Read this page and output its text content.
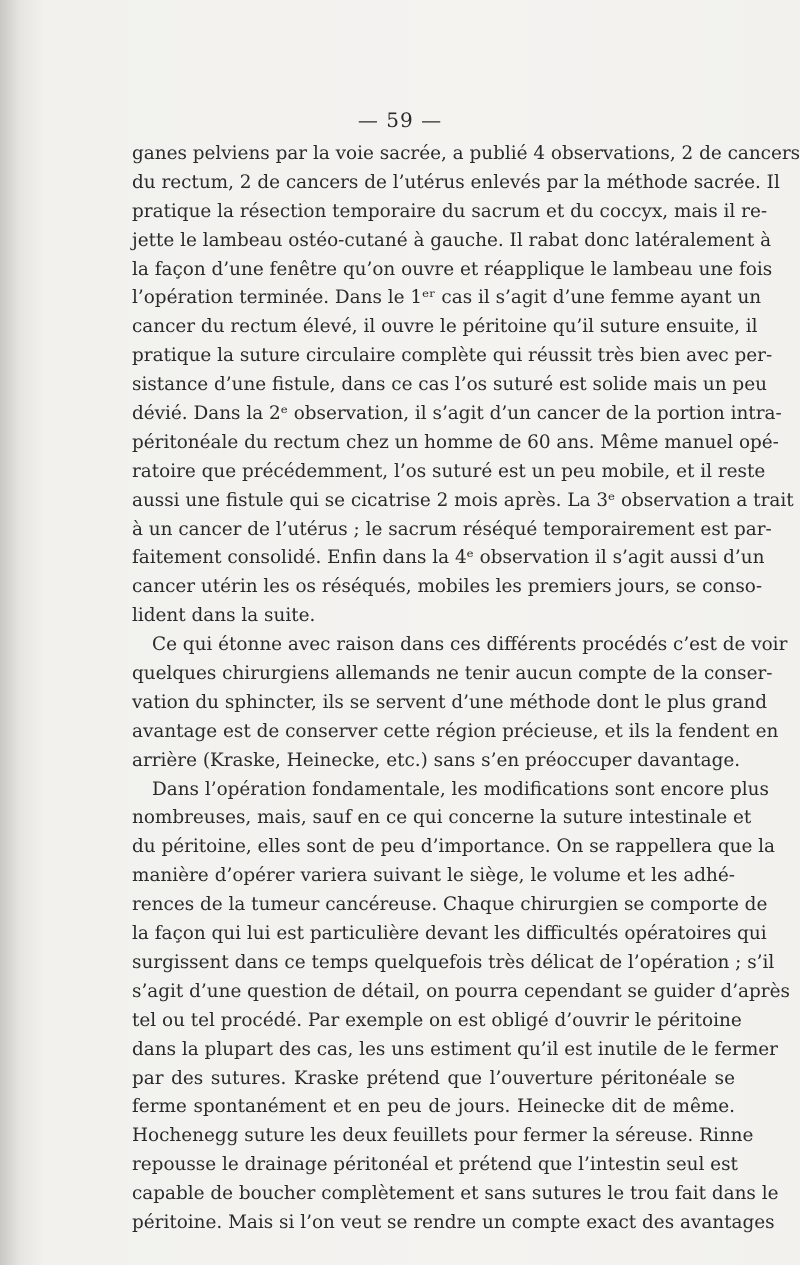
— 59 —
ganes pelviens par la voie sacrée, a publié 4 observations, 2 de cancers
du rectum, 2 de cancers de l’utérus enlevés par la méthode sacrée. Il
pratique la résection temporaire du sacrum et du coccyx, mais il re-
jette le lambeau ostéo-cutané à gauche. Il rabat donc latéralement à
la façon d’une fenêtre qu’on ouvre et réapplique le lambeau une fois
l’opération terminée. Dans le 1ᵉʳ cas il s’agit d’une femme ayant un
cancer du rectum élevé, il ouvre le péritoine qu’il suture ensuite, il
pratique la suture circulaire complète qui réussit très bien avec per-
sistance d’une fistule, dans ce cas l’os suturé est solide mais un peu
dévié. Dans la 2ᵉ observation, il s’agit d’un cancer de la portion intra-
péritonéale du rectum chez un homme de 60 ans. Même manuel opé-
ratoire que précédemment, l’os suturé est un peu mobile, et il reste
aussi une fistule qui se cicatrise 2 mois après. La 3ᵉ observation a trait
à un cancer de l’utérus ; le sacrum réséqué temporairement est par-
faitement consolidé. Enfin dans la 4ᵉ observation il s’agit aussi d’un
cancer utérin les os réséqués, mobiles les premiers jours, se conso-
lident dans la suite.
Ce qui étonne avec raison dans ces différents procédés c’est de voir
quelques chirurgiens allemands ne tenir aucun compte de la conser-
vation du sphincter, ils se servent d’une méthode dont le plus grand
avantage est de conserver cette région précieuse, et ils la fendent en
arrière (Kraske, Heinecke, etc.) sans s’en préoccuper davantage.
Dans l’opération fondamentale, les modifications sont encore plus
nombreuses, mais, sauf en ce qui concerne la suture intestinale et
du péritoine, elles sont de peu d’importance. On se rappellera que la
manière d’opérer variera suivant le siège, le volume et les adhé-
rences de la tumeur cancéreuse. Chaque chirurgien se comporte de
la façon qui lui est particulière devant les difficultés opératoires qui
surgissent dans ce temps quelquefois très délicat de l’opération ; s’il
s’agit d’une question de détail, on pourra cependant se guider d’après
tel ou tel procédé. Par exemple on est obligé d’ouvrir le péritoine
dans la plupart des cas, les uns estiment qu’il est inutile de le fermer
par des sutures. Kraske prétend que l’ouverture péritonéale se
ferme spontanément et en peu de jours. Heinecke dit de même.
Hochenegg suture les deux feuillets pour fermer la séreuse. Rinne
repousse le drainage péritonéal et prétend que l’intestin seul est
capable de boucher complètement et sans sutures le trou fait dans le
péritoine. Mais si l’on veut se rendre un compte exact des avantages
